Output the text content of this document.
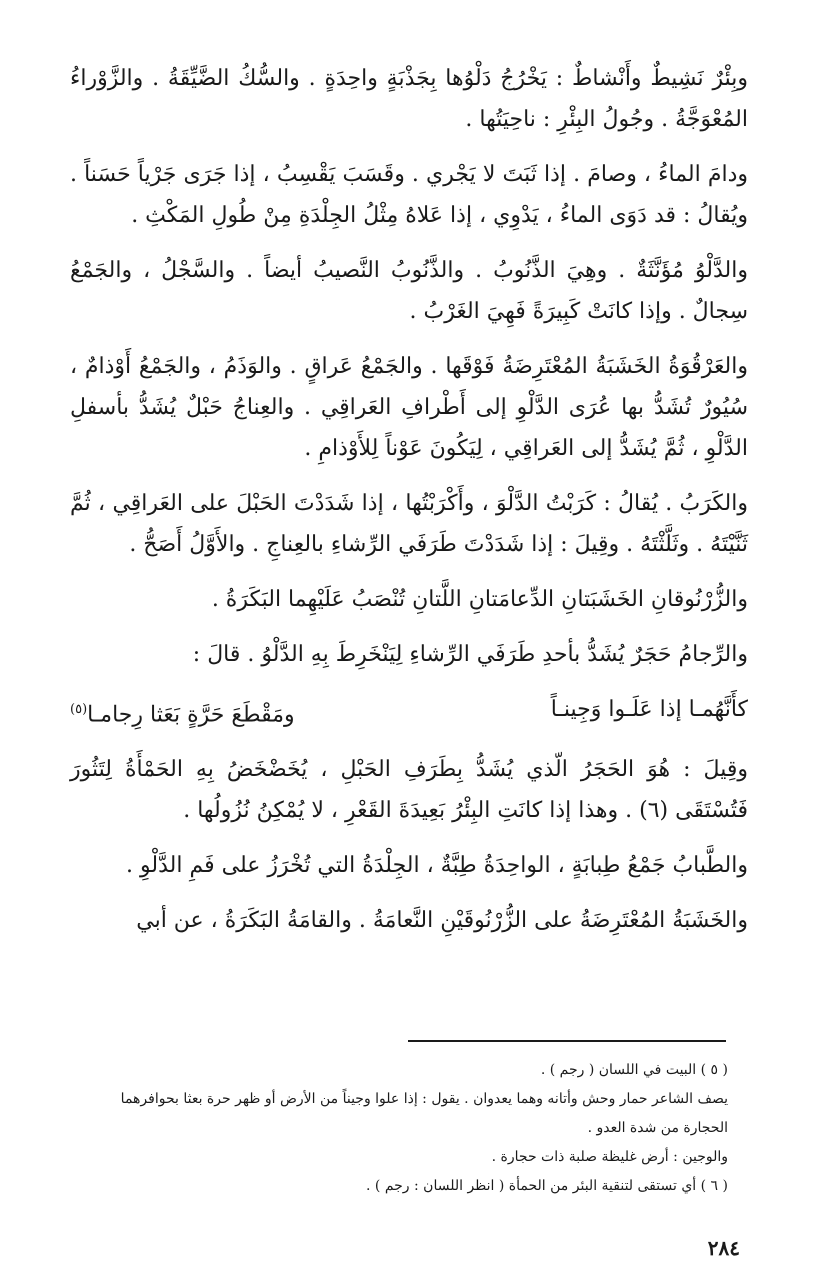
وبِئْرٌ نَشِيطٌ وأَنْشاطٌ : يَخْرُجُ دَلْوُها بِجَذْبَةٍ واحِدَةٍ . والسُّكُ الضَّيِّقَةُ . والزَّوْراءُ المُعْوَجَّةُ . وجُولُ البِئْرِ : ناحِيَتُها .

ودامَ الماءُ ، وصامَ . إذا ثَبَتَ لا يَجْري . وقَسَبَ يَقْسِبُ ، إذا جَرَى جَرْياً حَسَناً . ويُقالُ : قد دَوَى الماءُ ، يَدْوِي ، إذا عَلاهُ مِثْلُ الجِلْدَةِ مِنْ طُولِ المَكْثِ .

والدَّلْوُ مُؤَنَّثَةٌ . وهِيَ الذَّنُوبُ . والذَّنُوبُ النَّصيبُ أيضاً . والسَّجْلُ ، والجَمْعُ سِجالٌ . وإذا كانَتْ كَبِيرَةً فَهِيَ الغَرْبُ .

والعَرْقُوَةُ الخَشَبَةُ المُعْتَرِضَةُ فَوْقَها . والجَمْعُ عَراقٍ . والوَذَمُ ، والجَمْعُ أَوْذامٌ ، سُيُورٌ تُشَدُّ بها عُرَى الدَّلْوِ إلى أَطْرافِ العَراقِي . والعِناجُ حَبْلٌ يُشَدُّ بأسفلِ الدَّلْوِ ، ثُمَّ يُشَدُّ إلى العَراقِي ، لِيَكُونَ عَوْناً لِلأَوْذامِ .

والكَرَبُ . يُقالُ : كَرَبْتُ الدَّلْوَ ، وأَكْرَبْتُها ، إذا شَدَدْتَ الحَبْلَ على العَراقِي ، ثُمَّ ثَنَّيْتَهُ . وثَلَّثْتَهُ . وقِيلَ : إذا شَدَدْتَ طَرَفَي الرِّشاءِ بالعِناجِ . والأَوَّلُ أَصَحُّ .

والزُّرْنُوقانِ الخَشَبَتانِ الدِّعامَتانِ اللَّتانِ تُنْصَبُ عَلَيْهِما البَكَرَةُ .

والرِّجامُ حَجَرٌ يُشَدُّ بأحدِ طَرَفَي الرِّشاءِ لِيَنْخَرِطَ بِهِ الدَّلْوُ . قالَ :

كأَنَّهُمـا إذا عَلَـوا وَجِينـاً
ومَقْطَعَ حَرَّةٍ بَعَثا رِجامـا$^{(٥)}$

وقِيلَ : هُوَ الحَجَرُ الّذي يُشَدُّ بِطَرَفِ الحَبْلِ ، يُخَضْخَضُ بِهِ الحَمْأَةُ لِتَثُورَ فَتُسْتَقَى (٦) . وهذا إذا كانَتِ البِئْرُ بَعِيدَةَ القَعْرِ ، لا يُمْكِنُ نُزُولُها .

والطَّبابُ جَمْعُ طِبابَةٍ ، الواحِدَةُ طِبَّةٌ ، الجِلْدَةُ التي تُخْرَزُ على فَمِ الدَّلْوِ .

والخَشَبَةُ المُعْتَرِضَةُ على الزُّرْنُوقَيْنِ النَّعامَةُ . والقامَةُ البَكَرَةُ ، عن أبي

( ٥ ) البيت في اللسان ( رجم ) .

يصف الشاعر حمار وحش وأتانه وهما يعدوان . يقول : إذا علوا وجيناً من الأرض أو ظهر حرة بعثا بحوافرهما الحجارة من شدة العدو .

والوجين : أرض غليظة صلبة ذات حجارة .

( ٦ ) أي تستقى لتنقية البئر من الحمأة ( انظر اللسان : رجم ) .

٢٨٤
